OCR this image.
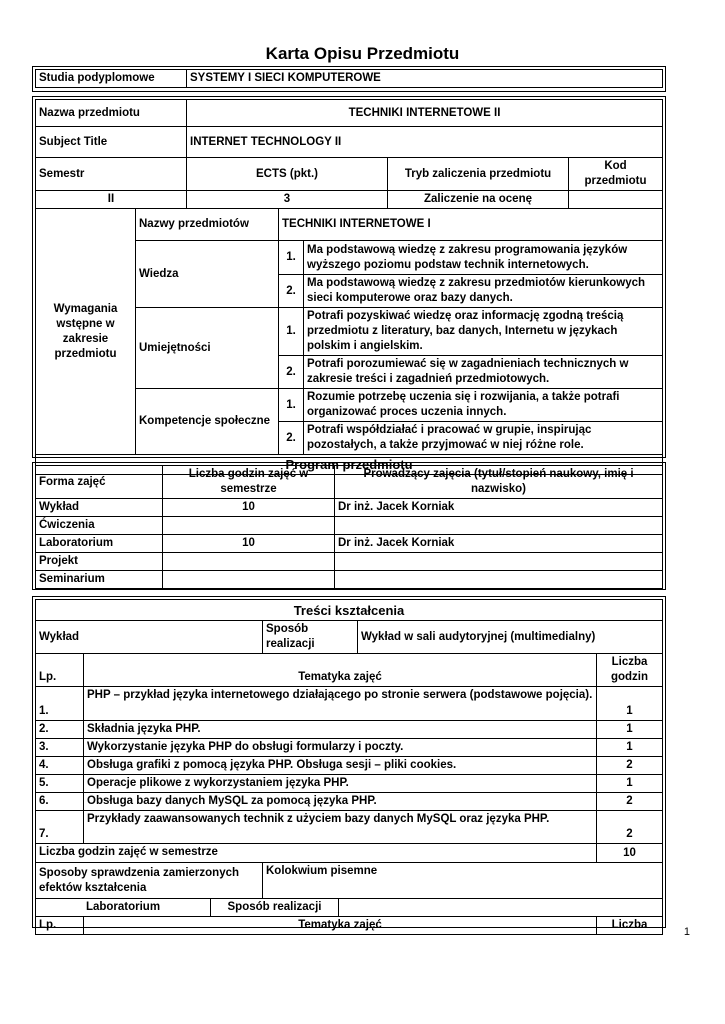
Karta Opisu Przedmiotu
Studia podyplomowe	SYSTEMY I SIECI KOMPUTEROWE
Nazwa przedmiotu		TECHNIKI INTERNETOWE II				
Subject Title		INTERNET TECHNOLOGY II				
Semestr		ECTS (pkt.)			Tryb zaliczenia przedmiotu	Kod przedmiotu
II		3			Zaliczenie na ocenę	
Wymagania wstępne w zakresie przedmiotu	Nazwy przedmiotów		TECHNIKI INTERNETOWE I			
	Wiedza		1.	Ma podstawową wiedzę z zakresu programowania języków wyższego poziomu podstaw technik internetowych.		
			2.	Ma podstawową wiedzę z zakresu przedmiotów kierunkowych sieci komputerowe oraz bazy danych.		
	Umiejętności		1.	Potrafi pozyskiwać wiedzę oraz informację zgodną treścią przedmiotu z literatury, baz danych, Internetu w językach polskim i angielskim.		
			2.	Potrafi porozumiewać się w zagadnieniach technicznych w zakresie treści i zagadnień przedmiotowych.		
	Kompetencje społeczne		1.	Rozumie potrzebę uczenia się i rozwijania, a także potrafi organizować proces uczenia innych.		
			2.	Potrafi współdziałać i pracować w grupie, inspirując pozostałych, a także przyjmować w niej różne role.		
Program przedmiotu						
Forma zajęć	Liczba godzin zajęć w semestrze	Prowadzący zajęcia (tytuł/stopień naukowy, imię i nazwisko)
Wykład	10	Dr inż. Jacek Korniak
Ćwiczenia		
Laboratorium	10	Dr inż. Jacek Korniak
Projekt		
Seminarium		
Treści kształcenia						
Wykład			Sposób realizacji		Wykład w sali audytoryjnej (multimedialny)	
Lp.	Tematyka zajęć					Liczba godzin
1.	PHP – przykład języka internetowego działającego po stronie serwera (podstawowe pojęcia).					1
2.	Składnia języka PHP.					1
3.	Wykorzystanie języka PHP do obsługi formularzy i poczty.					1
4.	Obsługa grafiki z pomocą języka PHP. Obsługa sesji – pliki cookies.					2
5.	Operacje plikowe z wykorzystaniem języka PHP.					1
6.	Obsługa bazy danych MySQL za pomocą języka PHP.					2
7.	Przykłady zaawansowanych technik z użyciem bazy danych MySQL oraz języka PHP.					2
Liczba godzin zajęć w semestrze						10
Sposoby sprawdzenia zamierzonych efektów kształcenia			Kolokwium pisemne			
Laboratorium		Sposób realizacji				
Lp.	Tematyka zajęć					Liczba
1
